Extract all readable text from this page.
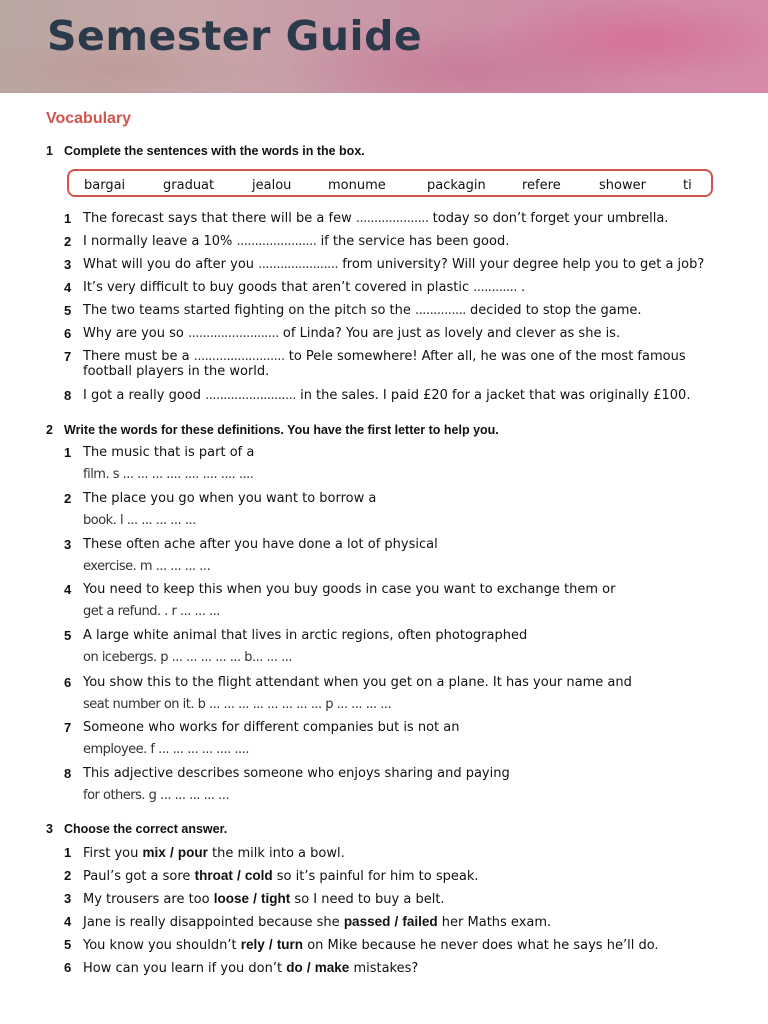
Semester Guide
Vocabulary
1 Complete the sentences with the words in the box.
bargai	graduat	jealou	monume	packagin	refere	shower	ti
1 The forecast says that there will be a few .................... today so don’t forget your umbrella.
2 I normally leave a 10% ...................... if the service has been good.
3 What will you do after you ...................... from university? Will your degree help you to get a job?
4 It’s very difficult to buy goods that aren’t covered in plastic ............ .
5 The two teams started fighting on the pitch so the .............. decided to stop the game.
6 Why are you so ......................... of Linda? You are just as lovely and clever as she is.
7 There must be a ......................... to Pele somewhere! After all, he was one of the most famous
football players in the world.
8 I got a really good ......................... in the sales. I paid £20 for a jacket that was originally £100.
2 Write the words for these definitions. You have the first letter to help you.
1 The music that is part of a
film. s ... ... ... .... .... .... .... ....
2 The place you go when you want to borrow a
book. l ... ... ... ... ...
3 These often ache after you have done a lot of physical
exercise. m ... ... ... ...
4 You need to keep this when you buy goods in case you want to exchange them or
get a refund. . r ... ... ...
5 A large white animal that lives in arctic regions, often photographed
on icebergs. p ... ... ... ... ... b... ... ...
6 You show this to the flight attendant when you get on a plane. It has your name and
seat number on it. b ... ... ... ... ... ... ... ... p ... ... ... ...
7 Someone who works for different companies but is not an
employee. f ... ... ... ... .... ....
8 This adjective describes someone who enjoys sharing and paying
for others. g ... ... ... ... ...
3 Choose the correct answer.
1 First you mix / pour the milk into a bowl.
2 Paul’s got a sore throat / cold so it’s painful for him to speak.
3 My trousers are too loose / tight so I need to buy a belt.
4 Jane is really disappointed because she passed / failed her Maths exam.
5 You know you shouldn’t rely / turn on Mike because he never does what he says he’ll do.
6 How can you learn if you don’t do / make mistakes?
